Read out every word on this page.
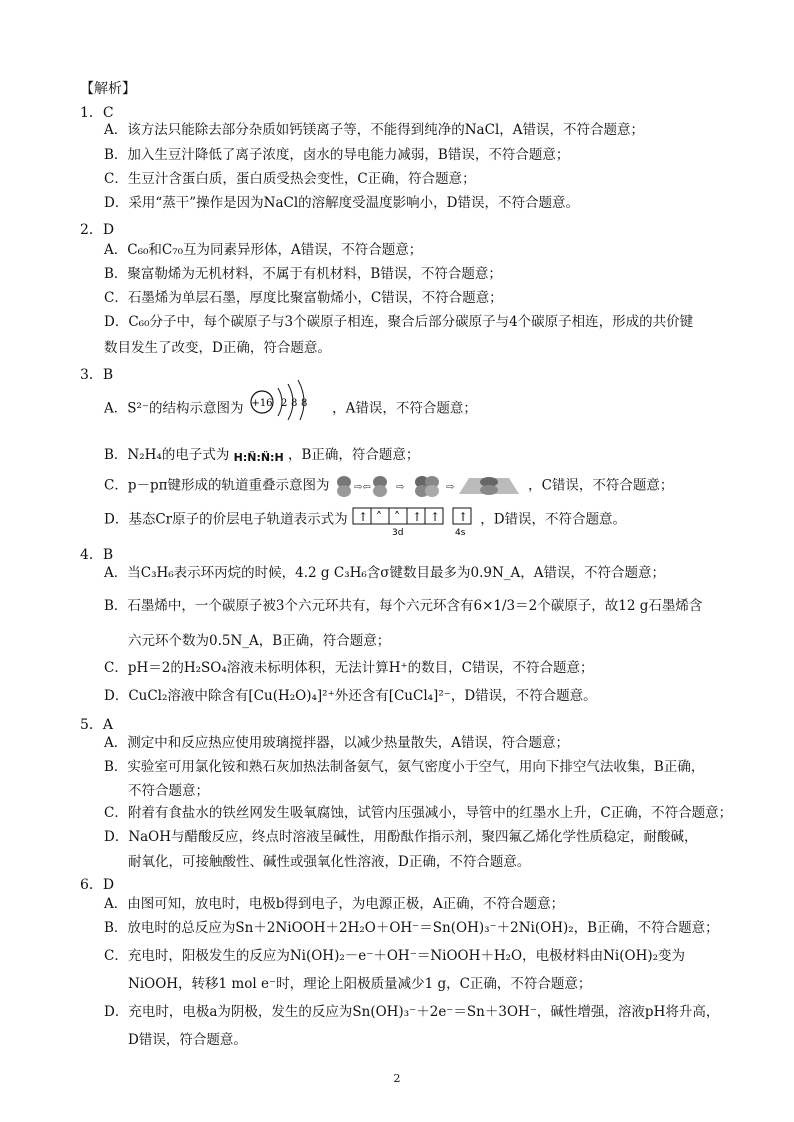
【解析】
1．C
A．该方法只能除去部分杂质如钙镁离子等，不能得到纯净的NaCl，A错误，不符合题意；
B．加入生豆汁降低了离子浓度，卤水的导电能力减弱，B错误，不符合题意；
C．生豆汁含蛋白质，蛋白质受热会变性，C正确，符合题意；
D．采用“蒸干”操作是因为NaCl的溶解度受温度影响小，D错误，不符合题意。
2．D
A．C₆₀和C₇₀互为同素异形体，A错误，不符合题意；
B．聚富勒烯为无机材料，不属于有机材料，B错误，不符合题意；
C．石墨烯为单层石墨，厚度比聚富勒烯小，C错误，不符合题意；
D．C₆₀分子中，每个碳原子与3个碳原子相连，聚合后部分碳原子与4个碳原子相连，形成的共价键数目发生了改变，D正确，符合题意。
3．B
A．S²⁻的结构示意图为 +16 2 8 8 ，A错误，不符合题意；
B．N₂H₄的电子式为 H:N̈:N̈:H ，B正确，符合题意；
C．p－pπ键形成的轨道重叠示意图为 ⇨⇦	⇨	⇨	，C错误，不符合题意；
D．基态Cr原子的价层电子轨道表示式为 ↑ ˄ ˄ ↑ ↑ ↑
3d	4s
，D错误，不符合题意。
4．B
A．当C₃H₆表示环丙烷的时候，4.2 g C₃H₆含σ键数目最多为0.9N_A，A错误，不符合题意；
B．石墨烯中，一个碳原子被3个六元环共有，每个六元环含有6×1/3＝2个碳原子，故12 g石墨烯含
六元环个数为0.5N_A，B正确，符合题意；
C．pH＝2的H₂SO₄溶液未标明体积，无法计算H⁺的数目，C错误，不符合题意；
D．CuCl₂溶液中除含有[Cu(H₂O)₄]²⁺外还含有[CuCl₄]²⁻，D错误，不符合题意。
5．A
A．测定中和反应热应使用玻璃搅拌器，以减少热量散失，A错误，符合题意；
B．实验室可用氯化铵和熟石灰加热法制备氨气，氨气密度小于空气，用向下排空气法收集，B正确，
不符合题意；
C．附着有食盐水的铁丝网发生吸氧腐蚀，试管内压强减小，导管中的红墨水上升，C正确，不符合题意；
D．NaOH与醋酸反应，终点时溶液呈碱性，用酚酞作指示剂，聚四氟乙烯化学性质稳定，耐酸碱，
耐氧化，可接触酸性、碱性或强氧化性溶液，D正确，不符合题意。
6．D
A．由图可知，放电时，电极b得到电子，为电源正极，A正确，不符合题意；
B．放电时的总反应为Sn＋2NiOOH＋2H₂O＋OH⁻＝Sn(OH)₃⁻＋2Ni(OH)₂，B正确，不符合题意；
C．充电时，阳极发生的反应为Ni(OH)₂－e⁻＋OH⁻＝NiOOH＋H₂O，电极材料由Ni(OH)₂变为
NiOOH，转移1 mol e⁻时，理论上阳极质量减少1 g，C正确，不符合题意；
D．充电时，电极a为阴极，发生的反应为Sn(OH)₃⁻＋2e⁻＝Sn＋3OH⁻，碱性增强，溶液pH将升高，
D错误，符合题意。
2
